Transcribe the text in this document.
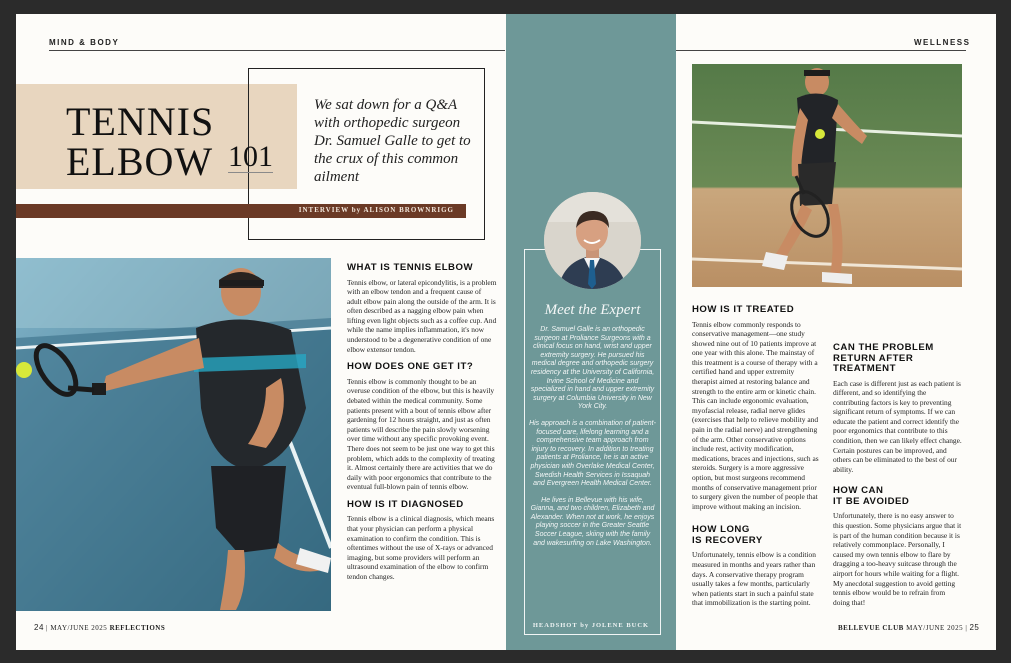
MIND & BODY	WELLNESS
TENNIS
ELBOW 101
We sat down for a Q&A with orthopedic surgeon Dr. Samuel Galle to get to the crux of this common ailment
INTERVIEW by ALISON BROWNRIGG
WHAT IS TENNIS ELBOW

Tennis elbow, or lateral epicondylitis, is a problem with an elbow tendon and a frequent cause of adult elbow pain along the outside of the arm. It is often described as a nagging elbow pain when lifting even light objects such as a coffee cup. And while the name implies inflammation, it's now understood to be a degenerative condition of one elbow extensor tendon.

HOW DOES ONE GET IT?

Tennis elbow is commonly thought to be an overuse condition of the elbow, but this is heavily debated within the medical community. Some patients present with a bout of tennis elbow after gardening for 12 hours straight, and just as often patients will describe the pain slowly worsening over time without any specific provoking event. There does not seem to be just one way to get this problem, which adds to the complexity of treating it. Almost certainly there are activities that we do daily with poor ergonomics that contribute to the eventual full-blown pain of tennis elbow.

HOW IS IT DIAGNOSED

Tennis elbow is a clinical diagnosis, which means that your physician can perform a physical examination to confirm the condition. This is oftentimes without the use of X-rays or advanced imaging, but some providers will perform an ultrasound examination of the elbow to confirm tendon changes.

Meet the Expert

Dr. Samuel Galle is an orthopedic surgeon at Proliance Surgeons with a clinical focus on hand, wrist and upper extremity surgery. He pursued his medical degree and orthopedic surgery residency at the University of California, Irvine School of Medicine and specialized in hand and upper extremity surgery at Columbia University in New York City.

His approach is a combination of patient-focused care, lifelong learning and a comprehensive team approach from injury to recovery. In addition to treating patients at Proliance, he is an active physician with Overlake Medical Center, Swedish Health Services in Issaquah and Evergreen Health Medical Center.

He lives in Bellevue with his wife, Gianna, and two children, Elizabeth and Alexander. When not at work, he enjoys playing soccer in the Greater Seattle Soccer League, skiing with the family and wakesurfing on Lake Washington.

HEADSHOT by JOLENE BUCK
HOW IS IT TREATED

Tennis elbow commonly responds to conservative management—one study showed nine out of 10 patients improve at one year with this alone. The mainstay of this treatment is a course of therapy with a certified hand and upper extremity therapist aimed at restoring balance and strength to the entire arm or kinetic chain. This can include ergonomic evaluation, myofascial release, radial nerve glides (exercises that help to relieve mobility and pain in the radial nerve) and strengthening of the arm. Other conservative options include rest, activity modification, medications, braces and injections, such as steroids. Surgery is a more aggressive option, but most surgeons recommend months of conservative management prior to surgery given the number of people that improve without making an incision.

HOW LONG
IS RECOVERY

Unfortunately, tennis elbow is a condition measured in months and years rather than days. A conservative therapy program usually takes a few months, particularly when patients start in such a painful state that immobilization is the starting point.

CAN THE PROBLEM
RETURN AFTER
TREATMENT

Each case is different just as each patient is different, and so identifying the contributing factors is key to preventing significant return of symptoms. If we can educate the patient and correct identify the poor ergonomics that contribute to this condition, then we can likely effect change. Certain postures can be improved, and others can be eliminated to the best of our ability.

HOW CAN
IT BE AVOIDED

Unfortunately, there is no easy answer to this question. Some physicians argue that it is part of the human condition because it is relatively commonplace. Personally, I caused my own tennis elbow to flare by dragging a too-heavy suitcase through the airport for hours while waiting for a flight. My anecdotal suggestion to avoid getting tennis elbow would be to refrain from doing that!

24 | MAY/JUNE 2025 REFLECTIONS	BELLEVUE CLUB MAY/JUNE 2025 | 25
